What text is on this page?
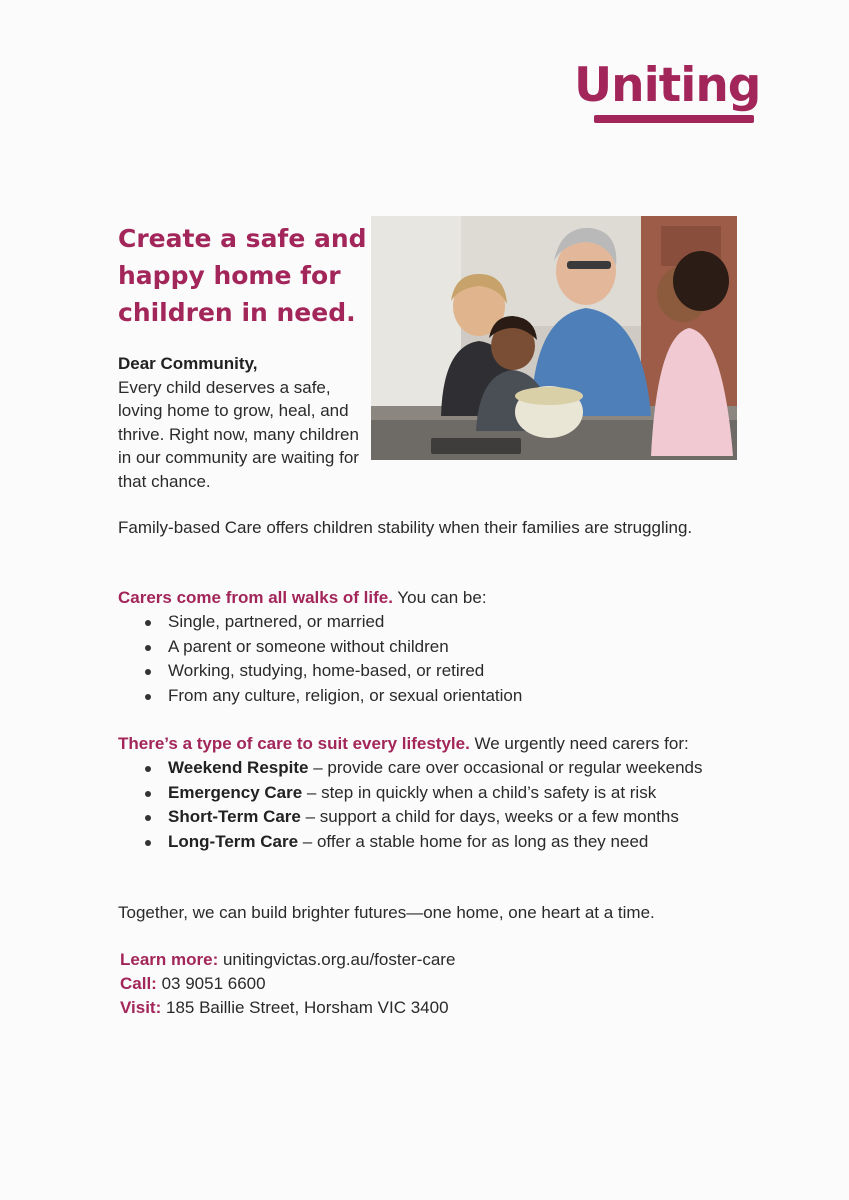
Uniting
Create a safe and happy home for children in need.

Dear Community,
Every child deserves a safe, loving home to grow, heal, and thrive. Right now, many children in our community are waiting for that chance.

Family-based Care offers children stability when their families are struggling.

Carers come from all walks of life. You can be:

Single, partnered, or married
A parent or someone without children
Working, studying, home-based, or retired
From any culture, religion, or sexual orientation

There’s a type of care to suit every lifestyle. We urgently need carers for:

Weekend Respite – provide care over occasional or regular weekends
Emergency Care – step in quickly when a child’s safety is at risk
Short-Term Care – support a child for days, weeks or a few months
Long-Term Care – offer a stable home for as long as they need

Together, we can build brighter futures—one home, one heart at a time.

Learn more: uniting​victas.org.au/foster-care
Call: 03 9051 6600
Visit: 185 Baillie Street, Horsham VIC 3400
